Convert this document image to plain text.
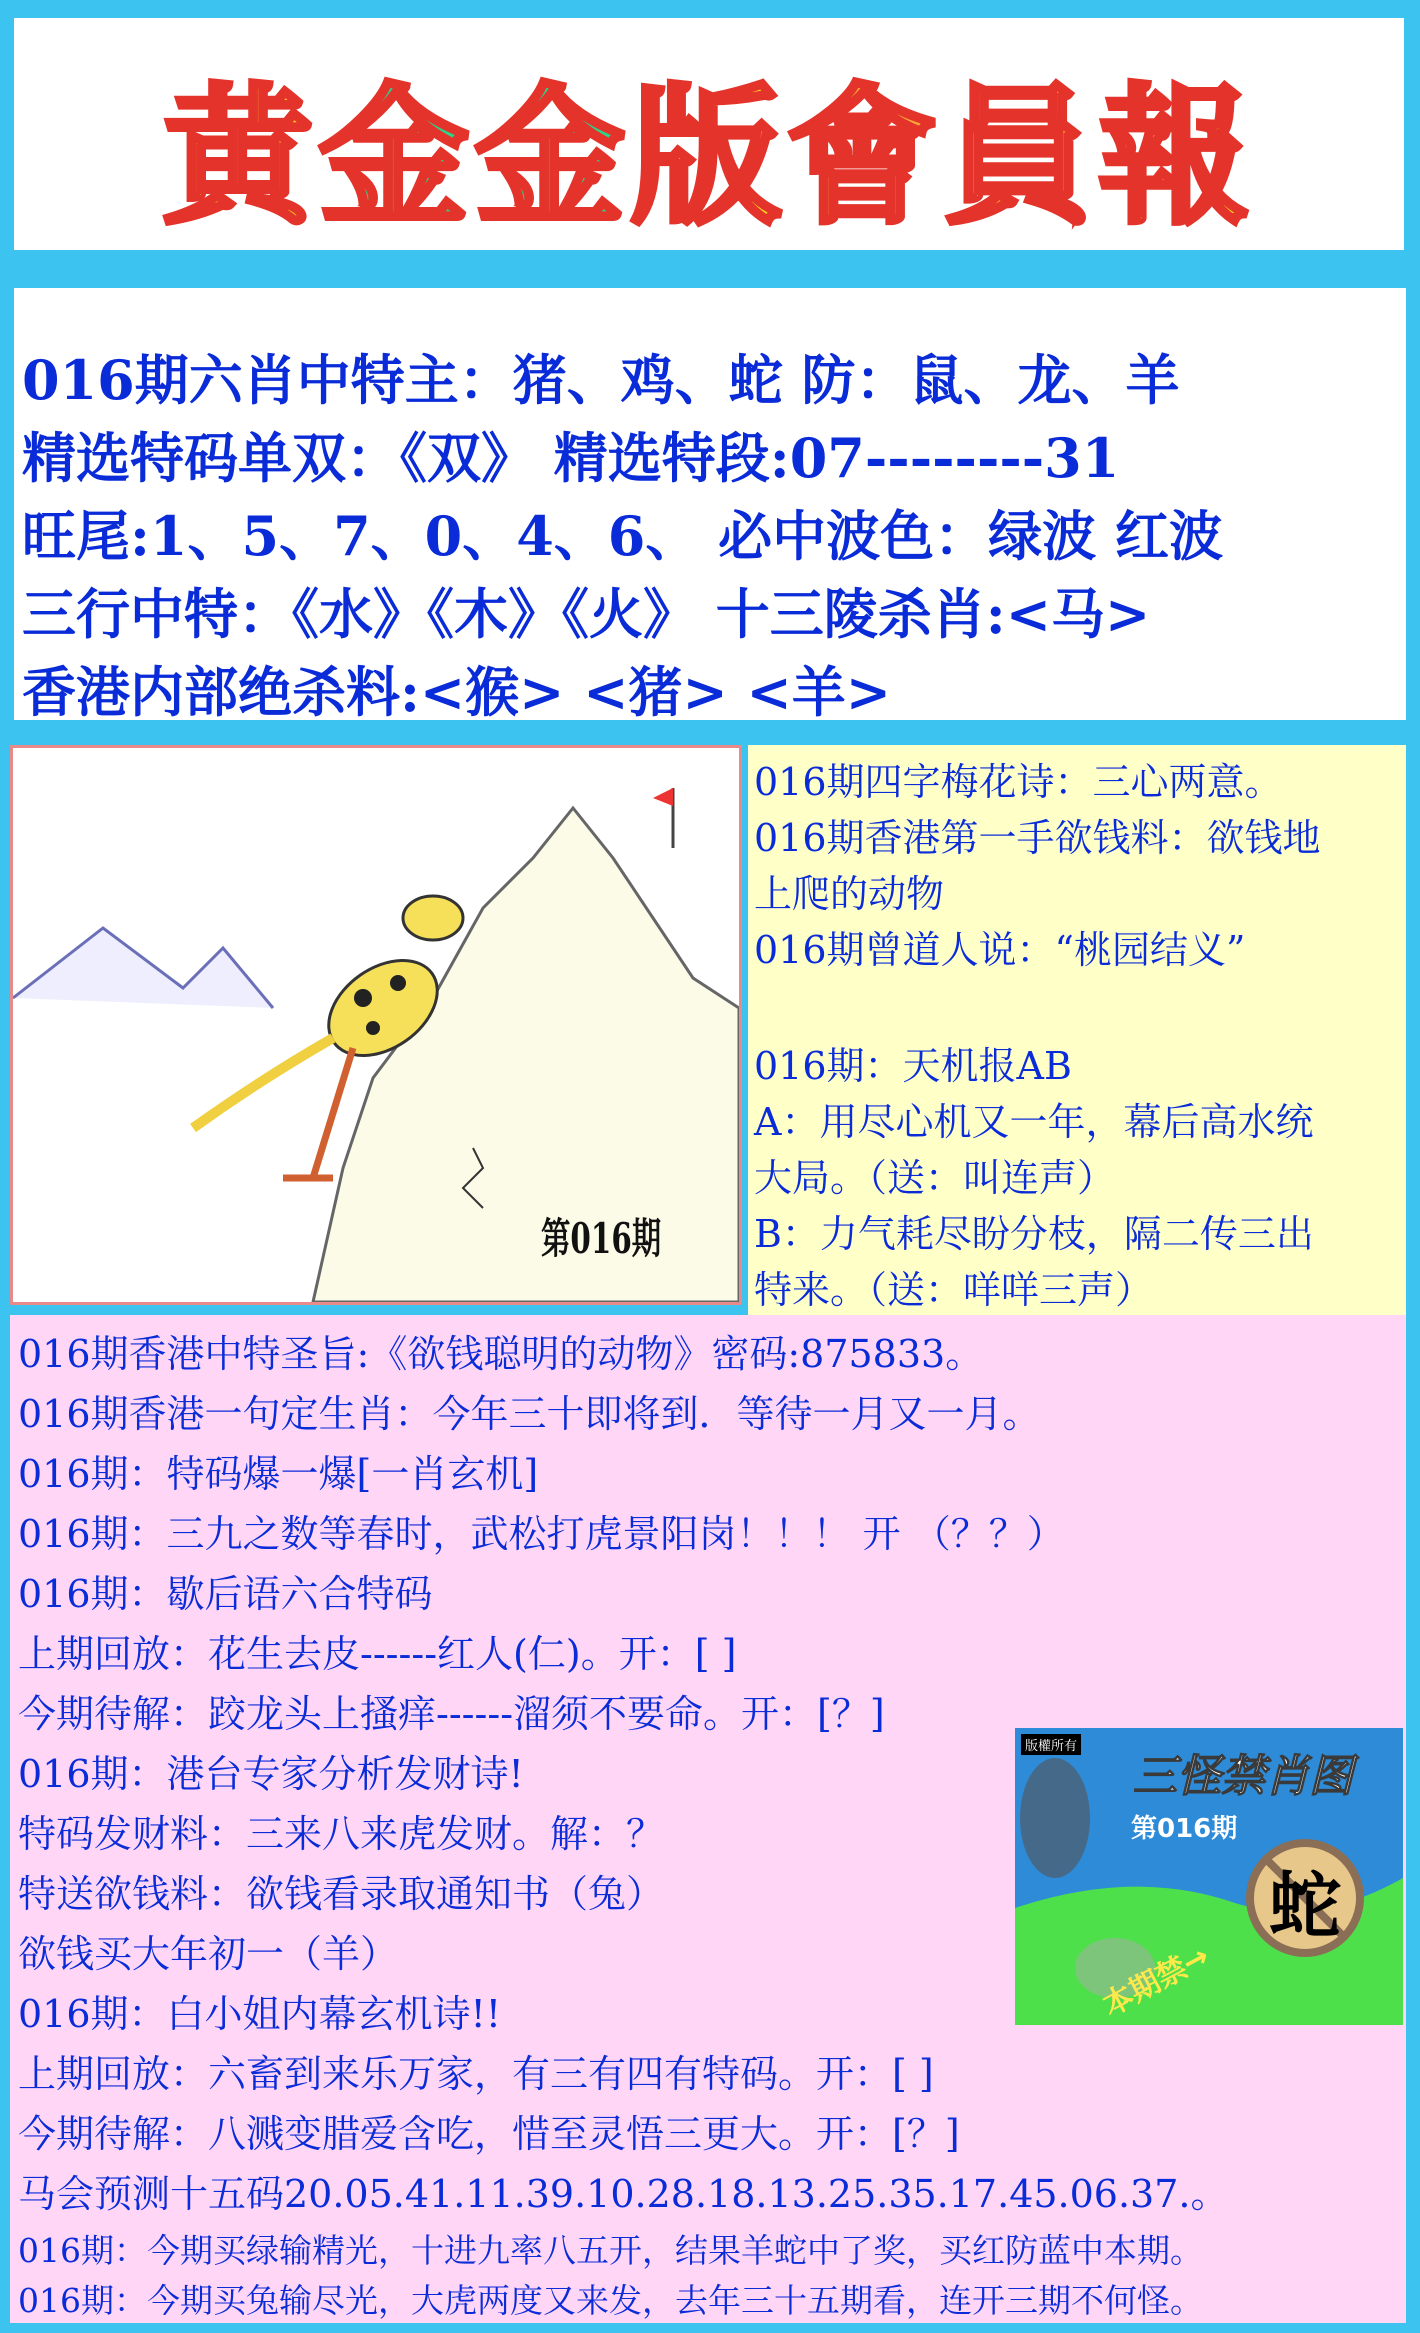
黄金金版會員報
016期六肖中特主：猪、鸡、蛇 防：鼠、龙、羊
精选特码单双：《双》 精选特段:07--------31
旺尾:1、5、7、0、4、6、 必中波色：绿波 红波
三行中特：《水》《木》《火》 十三陵杀肖:<马>
香港内部绝杀料:<猴> <猪> <羊>
第016期
016期四字梅花诗：三心两意。
016期香港第一手欲钱料：欲钱地
上爬的动物
016期曾道人说：“桃园结义”
016期：天机报AB
A：用尽心机又一年，幕后高水统
大局。（送：叫连声）
B：力气耗尽盼分枝，隔二传三出
特来。（送：咩咩三声）
016期香港中特圣旨:《欲钱聪明的动物》密码:875833。
016期香港一句定生肖：今年三十即将到．等待一月又一月。
016期：特码爆一爆[一肖玄机]
016期：三九之数等春时，武松打虎景阳岗！！！ 开 （？？）
016期：歇后语六合特码
上期回放：花生去皮------红人(仁)。开：[ ]
今期待解：跤龙头上搔痒------溜须不要命。开：[？]
016期：港台专家分析发财诗!
特码发财料：三来八来虎发财。解：？
特送欲钱料：欲钱看录取通知书（兔）
欲钱买大年初一（羊）
016期：白小姐内幕玄机诗!!
上期回放：六畜到来乐万家，有三有四有特码。开：[ ]
今期待解：八溅变腊爱含吃，惜至灵悟三更大。开：[？]
马会预测十五码20.05.41.11.39.10.28.18.13.25.35.17.45.06.37.。
016期：今期买绿输精光，十进九率八五开，结果羊蛇中了奖，买红防蓝中本期。
016期：今期买兔输尽光，大虎两度又来发，去年三十五期看，连开三期不何怪。
版權所有
三怪禁肖图
第016期
蛇
本期禁→
